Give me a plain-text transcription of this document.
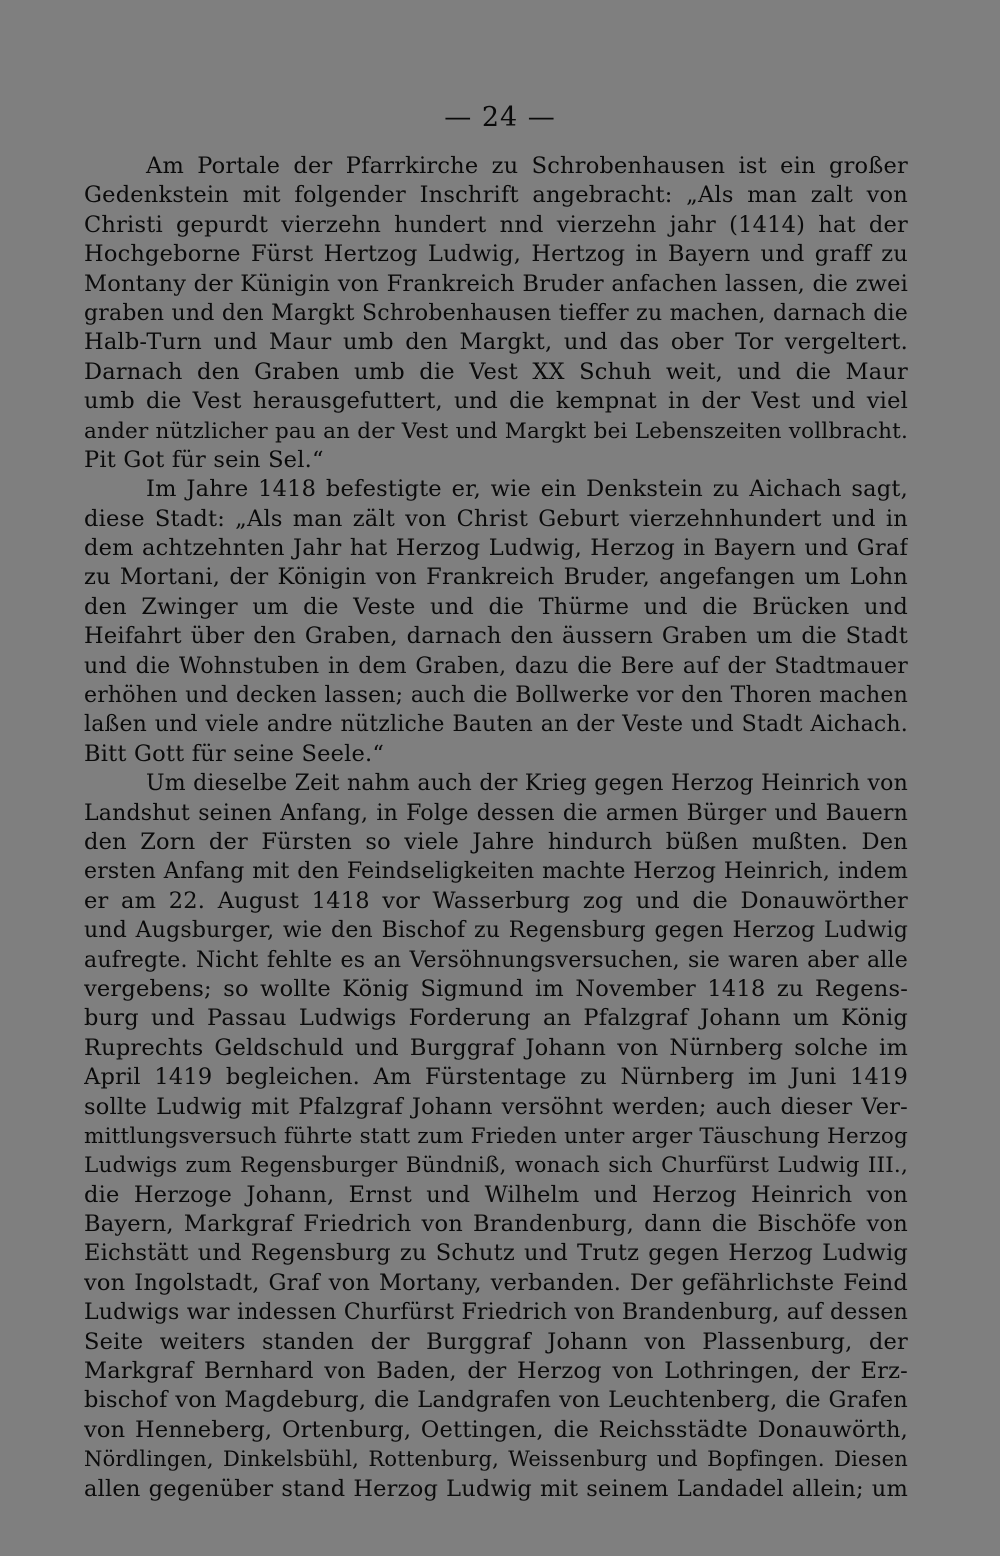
— 24 —
Am Portale der Pfarrkirche zu Schrobenhausen ist ein großer
Gedenkstein mit folgender Inschrift angebracht: „Als man zalt von
Christi gepurdt vierzehn hundert nnd vierzehn jahr (1414) hat der
Hochgeborne Fürst Hertzog Ludwig, Hertzog in Bayern und graff zu
Montany der Künigin von Frankreich Bruder anfachen lassen, die zwei
graben und den Margkt Schrobenhausen tieffer zu machen, darnach die
Halb-Turn und Maur umb den Margkt, und das ober Tor vergeltert.
Darnach den Graben umb die Vest XX Schuh weit, und die Maur
umb die Vest herausgefuttert, und die kempnat in der Vest und viel
ander nützlicher pau an der Vest und Margkt bei Lebenszeiten vollbracht.
Pit Got für sein Sel.“
Im Jahre 1418 befestigte er, wie ein Denkstein zu Aichach sagt,
diese Stadt: „Als man zält von Christ Geburt vierzehnhundert und in
dem achtzehnten Jahr hat Herzog Ludwig, Herzog in Bayern und Graf
zu Mortani, der Königin von Frankreich Bruder, angefangen um Lohn
den Zwinger um die Veste und die Thürme und die Brücken und
Heifahrt über den Graben, darnach den äussern Graben um die Stadt
und die Wohnstuben in dem Graben, dazu die Bere auf der Stadtmauer
erhöhen und decken lassen; auch die Bollwerke vor den Thoren machen
laßen und viele andre nützliche Bauten an der Veste und Stadt Aichach.
Bitt Gott für seine Seele.“
Um dieselbe Zeit nahm auch der Krieg gegen Herzog Heinrich von
Landshut seinen Anfang, in Folge dessen die armen Bürger und Bauern
den Zorn der Fürsten so viele Jahre hindurch büßen mußten. Den
ersten Anfang mit den Feindseligkeiten machte Herzog Heinrich, indem
er am 22. August 1418 vor Wasserburg zog und die Donauwörther
und Augsburger, wie den Bischof zu Regensburg gegen Herzog Ludwig
aufregte. Nicht fehlte es an Versöhnungsversuchen, sie waren aber alle
vergebens; so wollte König Sigmund im November 1418 zu Regens-
burg und Passau Ludwigs Forderung an Pfalzgraf Johann um König
Ruprechts Geldschuld und Burggraf Johann von Nürnberg solche im
April 1419 begleichen. Am Fürstentage zu Nürnberg im Juni 1419
sollte Ludwig mit Pfalzgraf Johann versöhnt werden; auch dieser Ver-
mittlungsversuch führte statt zum Frieden unter arger Täuschung Herzog
Ludwigs zum Regensburger Bündniß, wonach sich Churfürst Ludwig III.,
die Herzoge Johann, Ernst und Wilhelm und Herzog Heinrich von
Bayern, Markgraf Friedrich von Brandenburg, dann die Bischöfe von
Eichstätt und Regensburg zu Schutz und Trutz gegen Herzog Ludwig
von Ingolstadt, Graf von Mortany, verbanden. Der gefährlichste Feind
Ludwigs war indessen Churfürst Friedrich von Brandenburg, auf dessen
Seite weiters standen der Burggraf Johann von Plassenburg, der
Markgraf Bernhard von Baden, der Herzog von Lothringen, der Erz-
bischof von Magdeburg, die Landgrafen von Leuchtenberg, die Grafen
von Henneberg, Ortenburg, Oettingen, die Reichsstädte Donauwörth,
Nördlingen, Dinkelsbühl, Rottenburg, Weissenburg und Bopfingen. Diesen
allen gegenüber stand Herzog Ludwig mit seinem Landadel allein; um
